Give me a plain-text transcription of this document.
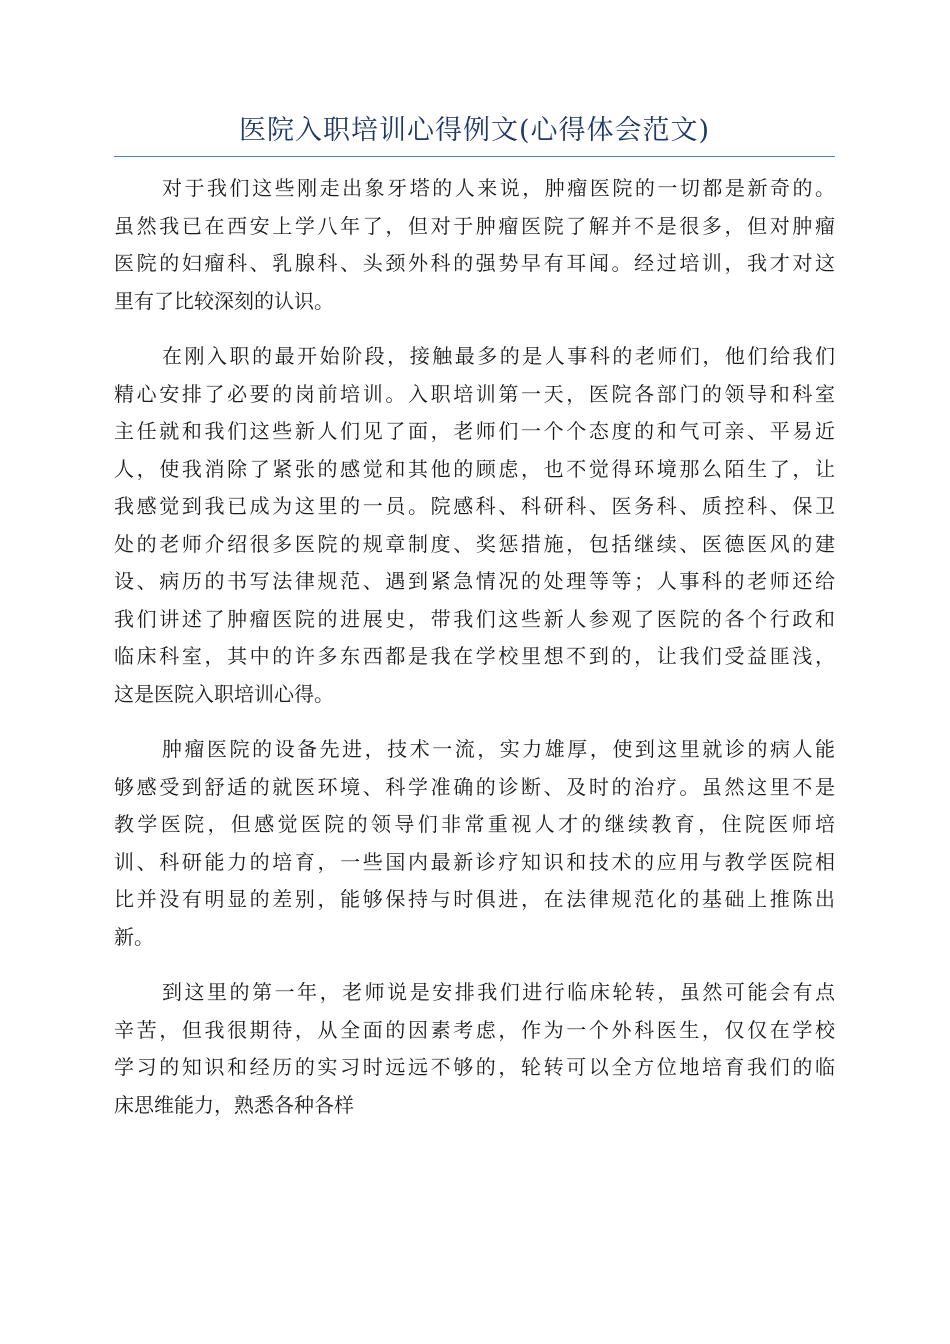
医院入职培训心得例文(心得体会范文)
对于我们这些刚走出象牙塔的人来说，肿瘤医院的一切都是新奇的。
虽然我已在西安上学八年了，但对于肿瘤医院了解并不是很多，但对肿瘤
医院的妇瘤科、乳腺科、头颈外科的强势早有耳闻。经过培训，我才对这
里有了比较深刻的认识。
在刚入职的最开始阶段，接触最多的是人事科的老师们，他们给我们
精心安排了必要的岗前培训。入职培训第一天，医院各部门的领导和科室
主任就和我们这些新人们见了面，老师们一个个态度的和气可亲、平易近
人，使我消除了紧张的感觉和其他的顾虑，也不觉得环境那么陌生了，让
我感觉到我已成为这里的一员。院感科、科研科、医务科、质控科、保卫
处的老师介绍很多医院的规章制度、奖惩措施，包括继续、医德医风的建
设、病历的书写法律规范、遇到紧急情况的处理等等；人事科的老师还给
我们讲述了肿瘤医院的进展史，带我们这些新人参观了医院的各个行政和
临床科室，其中的许多东西都是我在学校里想不到的，让我们受益匪浅，
这是医院入职培训心得。
肿瘤医院的设备先进，技术一流，实力雄厚，使到这里就诊的病人能
够感受到舒适的就医环境、科学准确的诊断、及时的治疗。虽然这里不是
教学医院，但感觉医院的领导们非常重视人才的继续教育，住院医师培
训、科研能力的培育，一些国内最新诊疗知识和技术的应用与教学医院相
比并没有明显的差别，能够保持与时俱进，在法律规范化的基础上推陈出
新。
到这里的第一年，老师说是安排我们进行临床轮转，虽然可能会有点
辛苦，但我很期待，从全面的因素考虑，作为一个外科医生，仅仅在学校
学习的知识和经历的实习时远远不够的，轮转可以全方位地培育我们的临
床思维能力，熟悉各种各样
